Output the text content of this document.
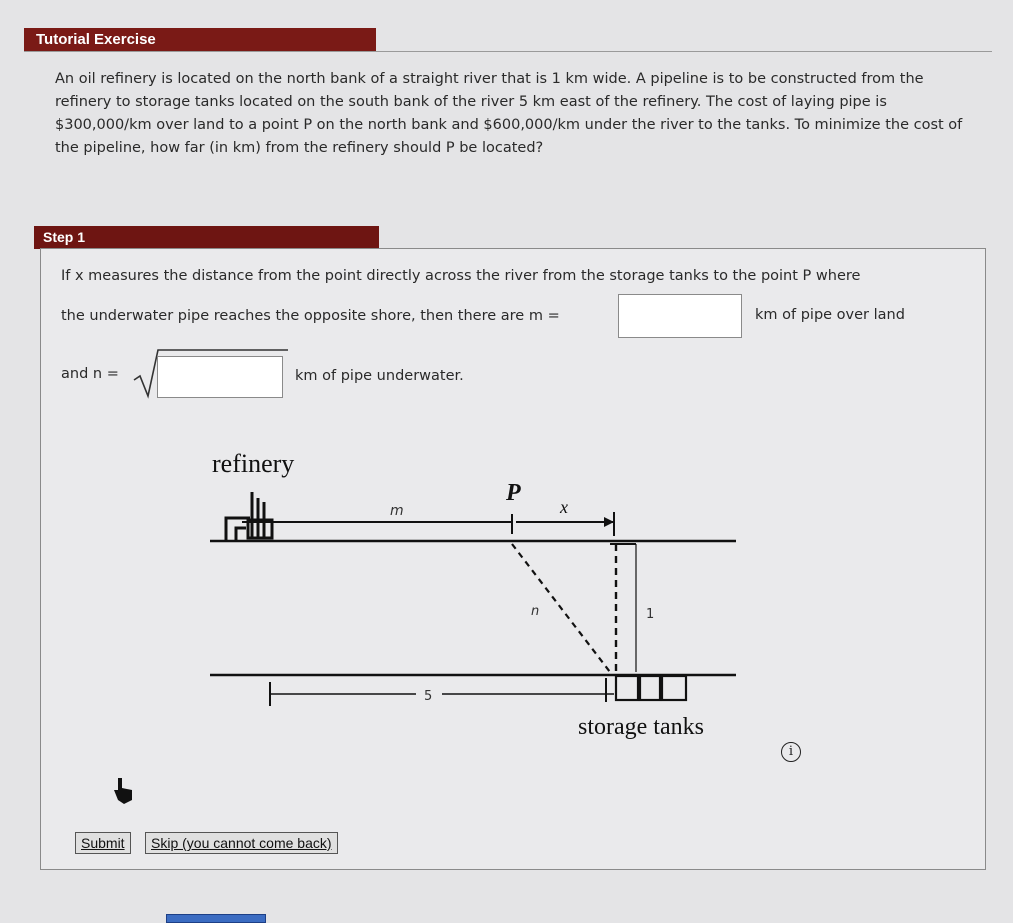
Tutorial Exercise
An oil refinery is located on the north bank of a straight river that is 1 km wide. A pipeline is to be constructed from the refinery to storage tanks located on the south bank of the river 5 km east of the refinery. The cost of laying pipe is $300,000/km over land to a point P on the north bank and $600,000/km under the river to the tanks. To minimize the cost of the pipeline, how far (in km) from the refinery should P be located?
Step 1
If x measures the distance from the point directly across the river from the storage tanks to the point P where
the underwater pipe reaches the opposite shore, then there are m =	km of pipe over land
and n =	km of pipe underwater.
refinery
m
P
x
n	1
5
storage tanks
i
Submit	Skip (you cannot come back)
